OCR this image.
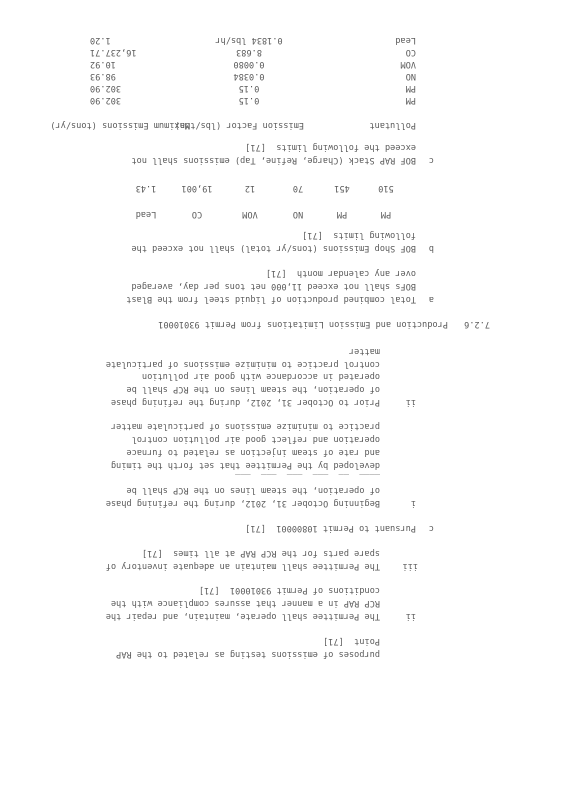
purposes of emissions testing as related to the RAP
Point  [71]
ii
The Permittee shall operate, maintain, and repair the
RCP RAP in a manner that assures compliance with the
conditions of Permit 93010001  [71]
iii
The Permittee shall maintain an adequate inventory of
spare parts for the RCP RAP at all times  [71]
c
Pursuant to Permit 10800001  [71]
i
Beginning October 31, 2012, during the refining phase
of operation, the steam lines on the RCP shall be
____  __  ___  ___  ___  ___
developed by the Permittee that set forth the timing
and rate of steam injection as related to furnace
operation and reflect good air pollution control
practice to minimize emissions of particulate matter
ii
Prior to October 31, 2012, during the refining phase
of operation, the steam lines on the RCP shall be
operated in accordance with good air pollution
control practice to minimize emissions of particulate
matter
7.2.6
Production and Emission Limitations from Permit 93010001
a
Total combined production of liquid steel from the Blast
BOFs shall not exceed 11,000 net tons per day, averaged
over any calendar month  [71]
b
BOF Shop Emissions (tons/yr total) shall not exceed the
following limits  [71]
PM
PM
NO
VOM
CO
Lead
510
451
70
12
19,001
1.43
c
BOF RAP Stack (Charge, Refine, Tap) emissions shall not
exceed the following limits  [71]
Pollutant
Emission Factor (lbs/ton)
Maximum Emissions (tons/yr)
PM
0.15
302.90
PM
0.15
302.90
NO
0.0384
98.93
VOM
0.0080
10.92
CO
8.683
16,237.71
Lead
0.1834 lbs/hr
1.20
